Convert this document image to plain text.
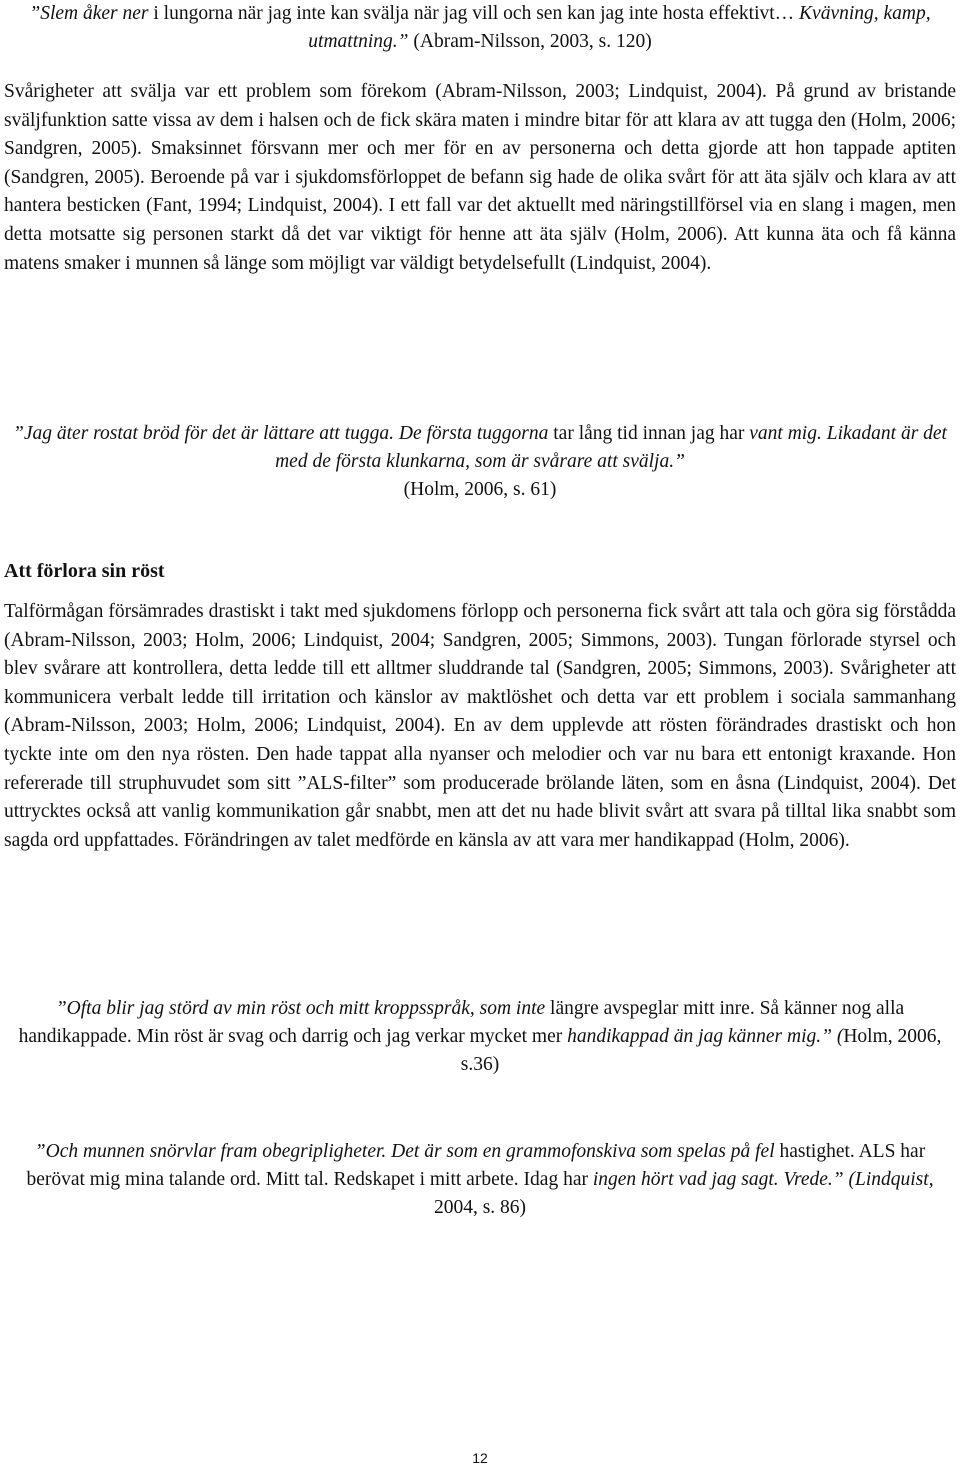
”Slem åker ner i lungorna när jag inte kan svälja när jag vill och sen kan jag inte hosta effektivt… Kvävning, kamp, utmattning.” (Abram-Nilsson, 2003, s. 120)

Svårigheter att svälja var ett problem som förekom (Abram-Nilsson, 2003; Lindquist, 2004). På grund av bristande sväljfunktion satte vissa av dem i halsen och de fick skära maten i mindre bitar för att klara av att tugga den (Holm, 2006; Sandgren, 2005). Smaksinnet försvann mer och mer för en av personerna och detta gjorde att hon tappade aptiten (Sandgren, 2005). Beroende på var i sjukdomsförloppet de befann sig hade de olika svårt för att äta själv och klara av att hantera besticken (Fant, 1994; Lindquist, 2004). I ett fall var det aktuellt med näringstillförsel via en slang i magen, men detta motsatte sig personen starkt då det var viktigt för henne att äta själv (Holm, 2006). Att kunna äta och få känna matens smaker i munnen så länge som möjligt var väldigt betydelsefullt (Lindquist, 2004).

”Jag äter rostat bröd för det är lättare att tugga. De första tuggorna tar lång tid innan jag har vant mig. Likadant är det med de första klunkarna, som är svårare att svälja.”
(Holm, 2006, s. 61)

Att förlora sin röst

Talförmågan försämrades drastiskt i takt med sjukdomens förlopp och personerna fick svårt att tala och göra sig förstådda (Abram-Nilsson, 2003; Holm, 2006; Lindquist, 2004; Sandgren, 2005; Simmons, 2003). Tungan förlorade styrsel och blev svårare att kontrollera, detta ledde till ett alltmer sluddrande tal (Sandgren, 2005; Simmons, 2003). Svårigheter att kommunicera verbalt ledde till irritation och känslor av maktlöshet och detta var ett problem i sociala sammanhang (Abram-Nilsson, 2003; Holm, 2006; Lindquist, 2004). En av dem upplevde att rösten förändrades drastiskt och hon tyckte inte om den nya rösten. Den hade tappat alla nyanser och melodier och var nu bara ett entonigt kraxande. Hon refererade till struphuvudet som sitt ”ALS-filter” som producerade brölande läten, som en åsna (Lindquist, 2004). Det uttrycktes också att vanlig kommunikation går snabbt, men att det nu hade blivit svårt att svara på tilltal lika snabbt som sagda ord uppfattades. Förändringen av talet medförde en känsla av att vara mer handikappad (Holm, 2006).

”Ofta blir jag störd av min röst och mitt kroppsspråk, som inte längre avspeglar mitt inre. Så känner nog alla handikappade. Min röst är svag och darrig och jag verkar mycket mer handikappad än jag känner mig.” (Holm, 2006, s.36)

”Och munnen snörvlar fram obegripligheter. Det är som en grammofonskiva som spelas på fel hastighet. ALS har berövat mig mina talande ord. Mitt tal. Redskapet i mitt arbete. Idag har ingen hört vad jag sagt. Vrede.” (Lindquist, 2004, s. 86)

12
